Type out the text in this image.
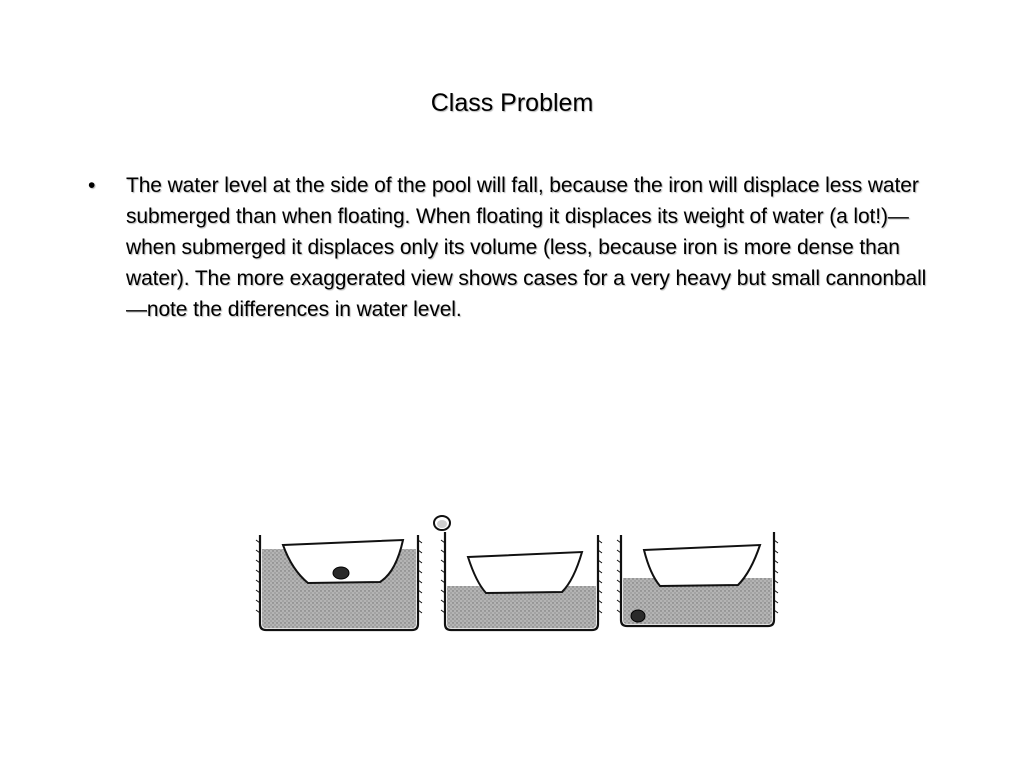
Class Problem
• The water level at the side of the pool will fall, because the iron will displace less water submerged than when floating. When floating it displaces its weight of water (a lot!)—when submerged it displaces only its volume (less, because iron is more dense than water). The more exaggerated view shows cases for a very heavy but small cannonball—note the differences in water level.
